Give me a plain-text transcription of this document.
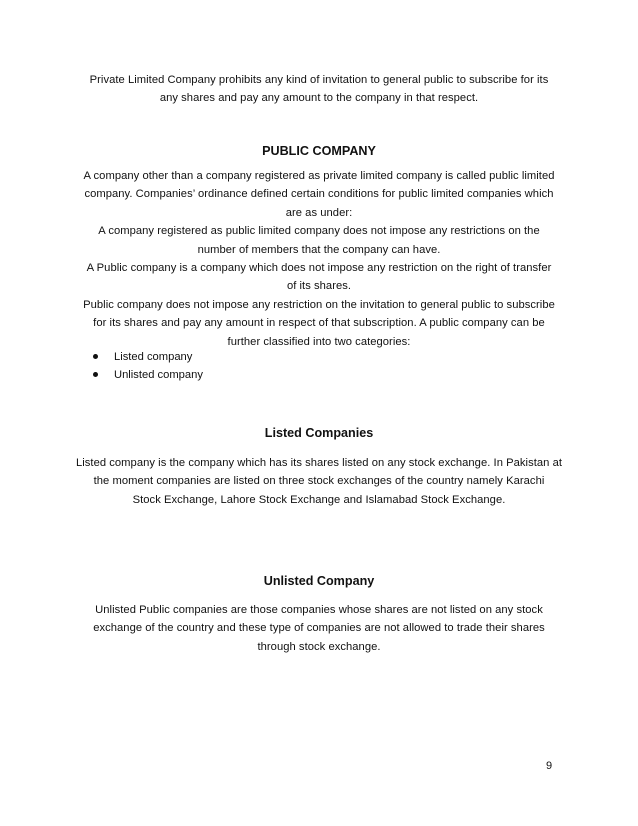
Private Limited Company prohibits any kind of invitation to general public to subscribe for its
any shares and pay any amount to the company in that respect.
PUBLIC COMPANY
A company other than a company registered as private limited company is called public limited
company. Companies’ ordinance defined certain conditions for public limited companies which
are as under:
A company registered as public limited company does not impose any restrictions on the
number of members that the company can have.
A Public company is a company which does not impose any restriction on the right of transfer
of its shares.
Public company does not impose any restriction on the invitation to general public to subscribe
for its shares and pay any amount in respect of that subscription. A public company can be
further classified into two categories:
Listed company
Unlisted company
Listed Companies
Listed company is the company which has its shares listed on any stock exchange. In Pakistan at
the moment companies are listed on three stock exchanges of the country namely Karachi
Stock Exchange, Lahore Stock Exchange and Islamabad Stock Exchange.
Unlisted Company
Unlisted Public companies are those companies whose shares are not listed on any stock
exchange of the country and these type of companies are not allowed to trade their shares
through stock exchange.
9
